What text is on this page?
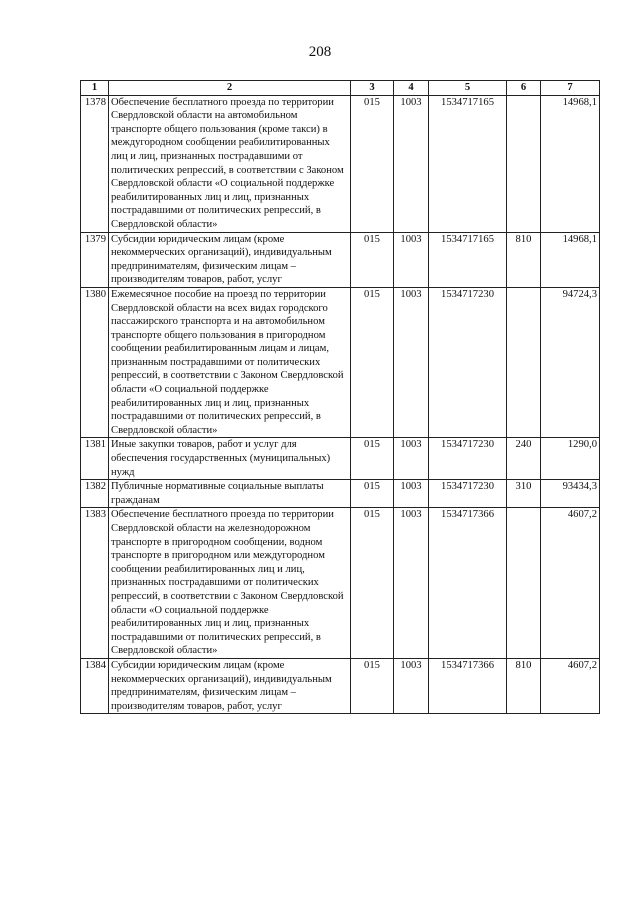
208
1	2	3	4	5	6	7
1378	Обеспечение бесплатного проезда по территории Свердловской области на автомобильном транспорте общего пользования (кроме такси) в междугородном сообщении реабилитированных лиц и лиц, признанных пострадавшими от политических репрессий, в соответствии с Законом Свердловской области «О социальной поддержке реабилитированных лиц и лиц, признанных пострадавшими от политических репрессий, в Свердловской области»	015	1003	1534717165		14968,1
1379	Субсидии юридическим лицам (кроме некоммерческих организаций), индивидуальным предпринимателям, физическим лицам – производителям товаров, работ, услуг	015	1003	1534717165	810	14968,1
1380	Ежемесячное пособие на проезд по территории Свердловской области на всех видах городского пассажирского транспорта и на автомобильном транспорте общего пользования в пригородном сообщении реабилитированным лицам и лицам, признанным пострадавшими от политических репрессий, в соответствии с Законом Свердловской области «О социальной поддержке реабилитированных лиц и лиц, признанных пострадавшими от политических репрессий, в Свердловской области»	015	1003	1534717230		94724,3
1381	Иные закупки товаров, работ и услуг для обеспечения государственных (муниципальных) нужд	015	1003	1534717230	240	1290,0
1382	Публичные нормативные социальные выплаты гражданам	015	1003	1534717230	310	93434,3
1383	Обеспечение бесплатного проезда по территории Свердловской области на железнодорожном транспорте в пригородном сообщении, водном транспорте в пригородном или междугородном сообщении реабилитированных лиц и лиц, признанных пострадавшими от политических репрессий, в соответствии с Законом Свердловской области «О социальной поддержке реабилитированных лиц и лиц, признанных пострадавшими от политических репрессий, в Свердловской области»	015	1003	1534717366		4607,2
1384	Субсидии юридическим лицам (кроме некоммерческих организаций), индивидуальным предпринимателям, физическим лицам – производителям товаров, работ, услуг	015	1003	1534717366	810	4607,2
